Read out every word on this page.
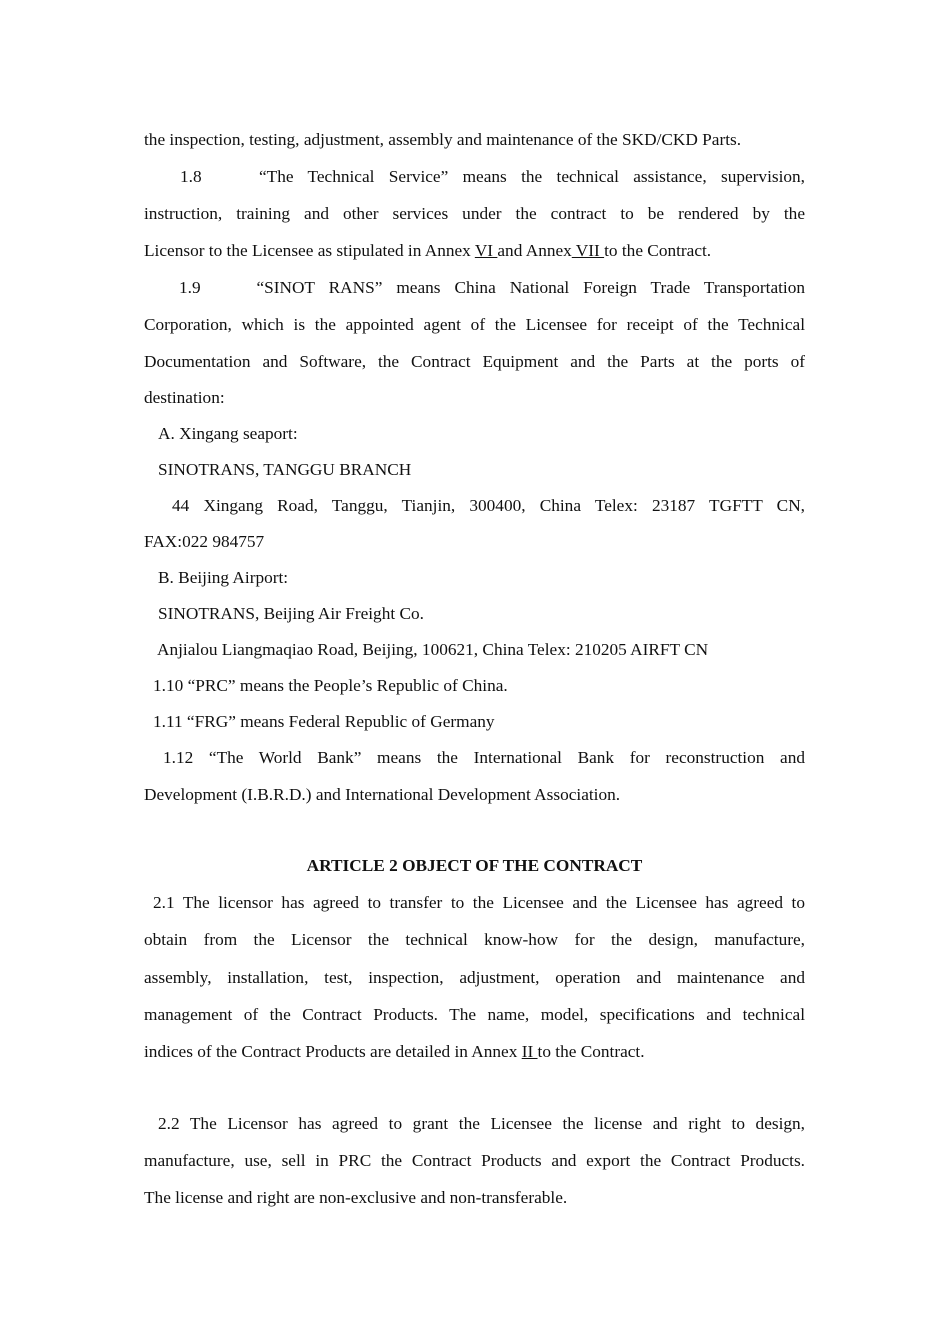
the inspection, testing, adjustment, assembly and maintenance of the SKD/CKD Parts.
1.8	“The Technical Service” means the technical assistance, supervision,
instruction, training and other services under the contract to be rendered by the
Licensor to the Licensee as stipulated in Annex VI and Annex VII to the Contract.
1.9	“SINOT RANS” means China National Foreign Trade Transportation
Corporation, which is the appointed agent of the Licensee for receipt of the Technical
Documentation and Software, the Contract Equipment and the Parts at the ports of
destination:
A. Xingang seaport:
SINOTRANS, TANGGU BRANCH
44 Xingang Road, Tanggu, Tianjin, 300400, China Telex: 23187 TGFTT CN,
FAX:022 984757
B. Beijing Airport:
SINOTRANS, Beijing Air Freight Co.
Anjialou Liangmaqiao Road, Beijing, 100621, China Telex: 210205 AIRFT CN
1.10 “PRC” means the People’s Republic of China.
1.11 “FRG” means Federal Republic of Germany
1.12 “The World Bank” means the International Bank for reconstruction and
Development (I.B.R.D.) and International Development Association.
ARTICLE 2 OBJECT OF THE CONTRACT
2.1 The licensor has agreed to transfer to the Licensee and the Licensee has agreed to
obtain from the Licensor the technical know-how for the design, manufacture,
assembly, installation, test, inspection, adjustment, operation and maintenance and
management of the Contract Products. The name, model, specifications and technical
indices of the Contract Products are detailed in Annex II to the Contract.
2.2 The Licensor has agreed to grant the Licensee the license and right to design,
manufacture, use, sell in PRC the Contract Products and export the Contract Products.
The license and right are non-exclusive and non-transferable.
